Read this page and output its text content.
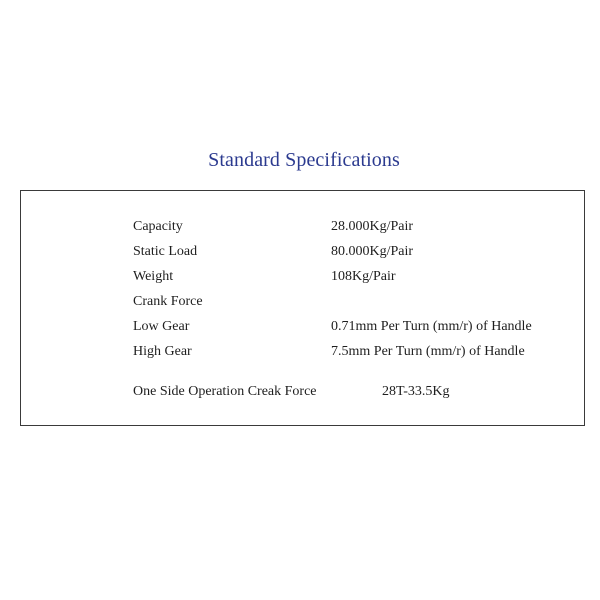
Standard Specifications
Capacity	28.000Kg/Pair
Static Load	80.000Kg/Pair
Weight	108Kg/Pair
Crank Force
Low Gear	0.71mm Per Turn (mm/r) of Handle
High Gear	7.5mm Per Turn (mm/r) of Handle
One Side Operation Creak Force	28T-33.5Kg
